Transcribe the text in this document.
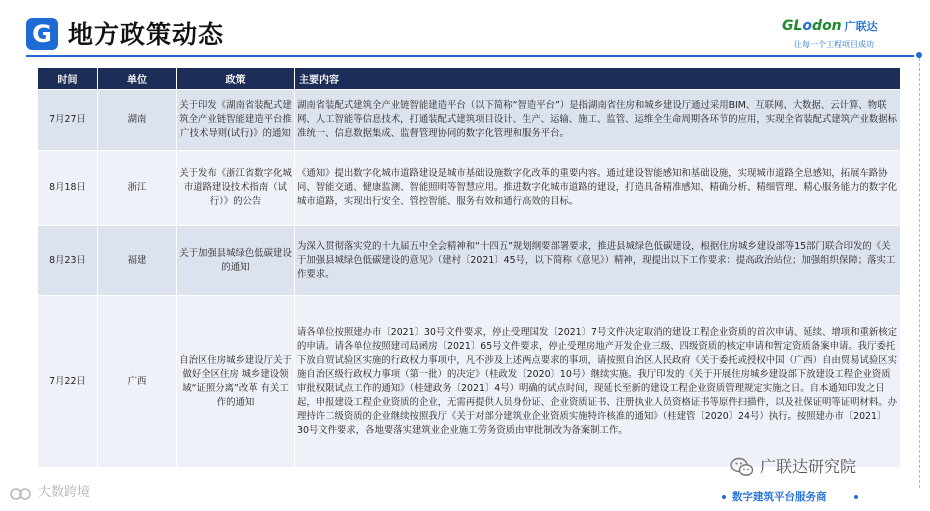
G 地方政策动态	GLodon 广联达
让每一个工程项目成功
时间	单位	政策	主要内容
7月27日	湖南	关于印发《湖南省装配式建筑全产业链智能建造平台推广技术导则(试行)》的通知	湖南省装配式建筑全产业链智能建造平台（以下简称“智造平台”）是指湖南省住房和城乡建设厅通过采用BIM、互联网、大数据、云计算、物联网、人工智能等信息技术，打通装配式建筑项目设计、生产、运输、施工、监管、运维全生命周期各环节的应用，实现全省装配式建筑产业数据标准统一、信息数据集成、监督管理协同的数字化管理和服务平台。
8月18日	浙江	关于发布《浙江省数字化城市道路建设技术指南（试行）》的公告	《通知》提出数字化城市道路建设是城市基础设施数字化改革的重要内容。通过建设智能感知和基础设施，实现城市道路全息感知，拓展车路协同、智能交通、健康监测、智能照明等智慧应用。推进数字化城市道路的建设，打造具备精准感知、精确分析、精细管理、精心服务能力的数字化城市道路，实现出行安全、管控智能、服务有效和通行高效的目标。
8月23日	福建	关于加强县城绿色低碳建设的通知	为深入贯彻落实党的十九届五中全会精神和“十四五”规划纲要部署要求，推进县城绿色低碳建设，根据住房城乡建设部等15部门联合印发的《关于加强县城绿色低碳建设的意见》（建村〔2021〕45号，以下简称《意见》）精神，现提出以下工作要求：提高政治站位；加强组织保障；落实工作要求。
7月22日	广西	自治区住房城乡建设厅关于做好全区住房 城乡建设领域“证照分离”改革 有关工作的通知	请各单位按照建办市〔2021〕30号文件要求，停止受理国发〔2021〕7号文件决定取消的建设工程企业资质的首次申请、延续、增项和重新核定的申请。请各单位按照建司局函房〔2021〕65号文件要求，停止受理房地产开发企业三级、四级资质的核定申请和暂定资质备案申请。我厅委托下放自贸试验区实施的行政权力事项中，凡不涉及上述两点要求的事项，请按照自治区人民政府《关于委托或授权中国（广西）自由贸易试验区实施自治区级行政权力事项（第一批）的决定》（桂政发〔2020〕10号）继续实施。我厅印发的《关于开展住房城乡建设部下放建设工程企业资质审批权限试点工作的通知》（桂建政务〔2021〕4号）明确的试点时间，现延长至新的建设工程企业资质管理规定实施之日。自本通知印发之日起，申报建设工程企业资质的企业，无需再提供人员身份证、企业资质证书、注册执业人员资格证书等原件扫描件，以及社保证明等证明材料。办理持许二级资质的企业继续按照我厅《关于对部分建筑业企业资质实施特许核准的通知》（桂建管〔2020〕24号）执行。按照建办市〔2021〕30号文件要求，各地要落实建筑业企业施工劳务资质由审批制改为备案制工作。
大数跨境
广联达研究院
数字建筑平台服务商
